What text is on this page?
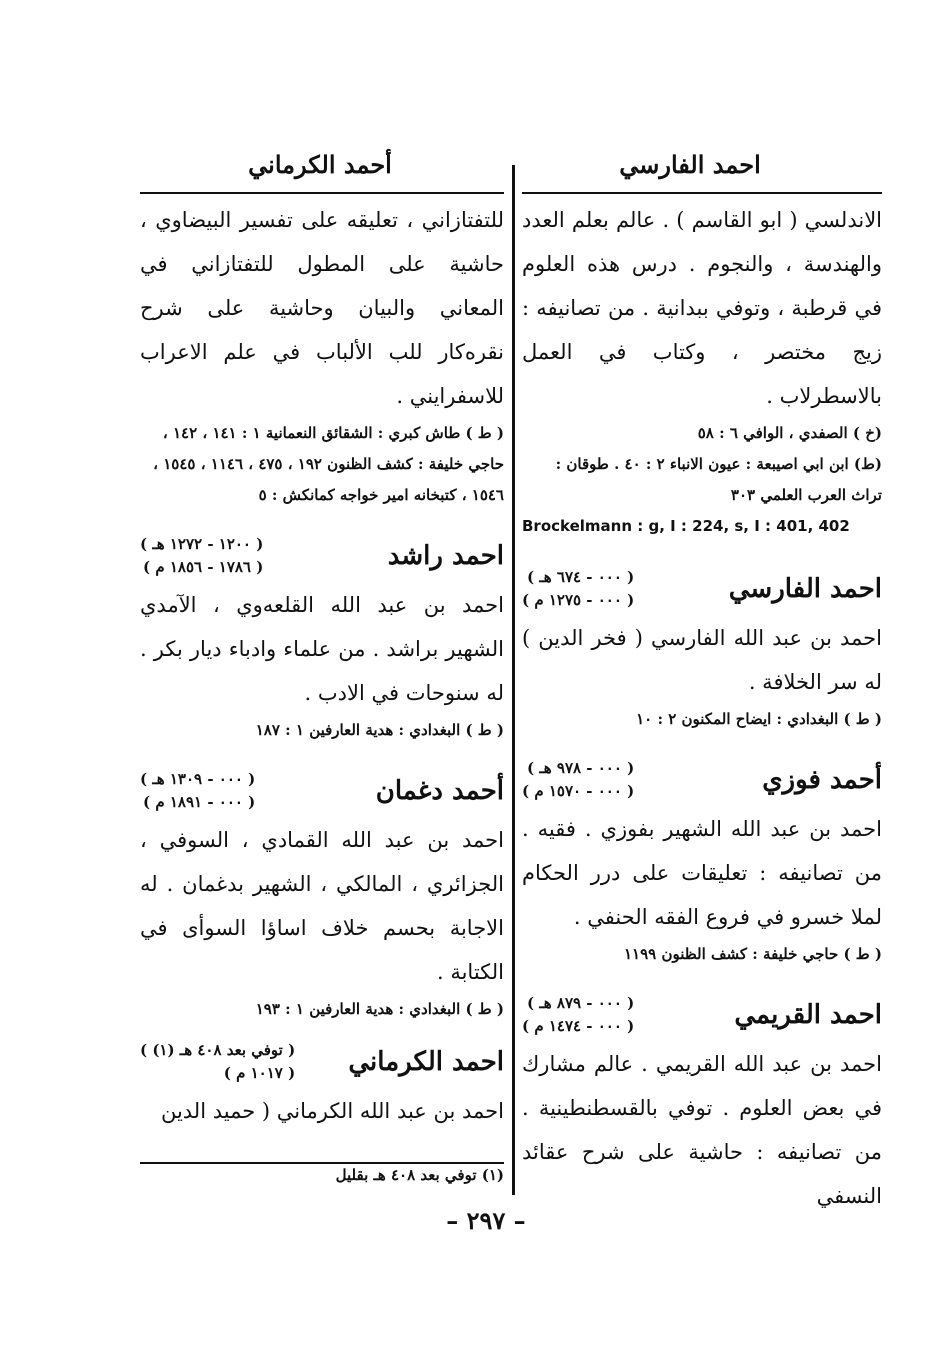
احمد الفارسي
أحمد الكرماني

الاندلسي ( ابو القاسم ) . عالم بعلم العدد والهندسة ، والنجوم . درس هذه العلوم في قرطبة ، وتوفي ببدانية . من تصانيفه : زيج مختصر ، وكتاب في العمل بالاسطرلاب .

(خ ) الصفدي ، الوافي ٦ : ٥٨

(ط) ابن ابي اصيبعة : عيون الانباء ٢ : ٤٠ . طوقان : تراث العرب العلمي ٣٠٣

Brockelmann : g, I : 224, s, I : 401, 402

احمد الفارسي
( ٠٠٠ - ٦٧٤ هـ )
( ٠٠٠ - ١٢٧٥ م )

احمد بن عبد الله الفارسي ( فخر الدين ) له سر الخلافة .

( ط ) البغدادي : ايضاح المكنون ٢ : ١٠

أحمد فوزي
( ٠٠٠ - ٩٧٨ هـ )
( ٠٠٠ - ١٥٧٠ م )

احمد بن عبد الله الشهير بفوزي . فقيه . من تصانيفه : تعليقات على درر الحكام لملا خسرو في فروع الفقه الحنفي .

( ط ) حاجي خليفة : كشف الظنون ١١٩٩

احمد القريمي
( ٠٠٠ - ٨٧٩ هـ )
( ٠٠٠ - ١٤٧٤ م )

احمد بن عبد الله القريمي . عالم مشارك في بعض العلوم . توفي بالقسطنطينية . من تصانيفه : حاشية على شرح عقائد النسفي

للتفتازاني ، تعليقه على تفسير البيضاوي ، حاشية على المطول للتفتازاني في المعاني والبيان وحاشية على شرح نقره‌كار للب الألباب في علم الاعراب للاسفرايني .

( ط ) طاش كبري : الشقائق النعمانية ١ : ١٤١ ، ١٤٢ ، حاجي خليفة : كشف الظنون ١٩٢ ، ٤٧٥ ، ١١٤٦ ، ١٥٤٥ ، ١٥٤٦ ، كتبخانه امير خواجه كمانكش : ٥

احمد راشد
( ١٢٠٠ - ١٢٧٢ هـ )
( ١٧٨٦ - ١٨٥٦ م )

احمد بن عبد الله القلعه‌وي ، الآمدي الشهير براشد . من علماء وادباء ديار بكر . له سنوحات في الادب .

( ط ) البغدادي : هدية العارفين ١ : ١٨٧

أحمد دغمان
( ٠٠٠ - ١٣٠٩ هـ )
( ٠٠٠ - ١٨٩١ م )

احمد بن عبد الله القمادي ، السوفي ، الجزائري ، المالكي ، الشهير بدغمان . له الاجابة بحسم خلاف اساؤا السوأى في الكتابة .

( ط ) البغدادي : هدية العارفين ١ : ١٩٣

احمد الكرماني
( توفي بعد ٤٠٨ هـ (١) )
( ١٠١٧ م )

احمد بن عبد الله الكرماني ( حميد الدين

(١) توفي بعد ٤٠٨ هـ بقليل
– ٢٩٧ –
